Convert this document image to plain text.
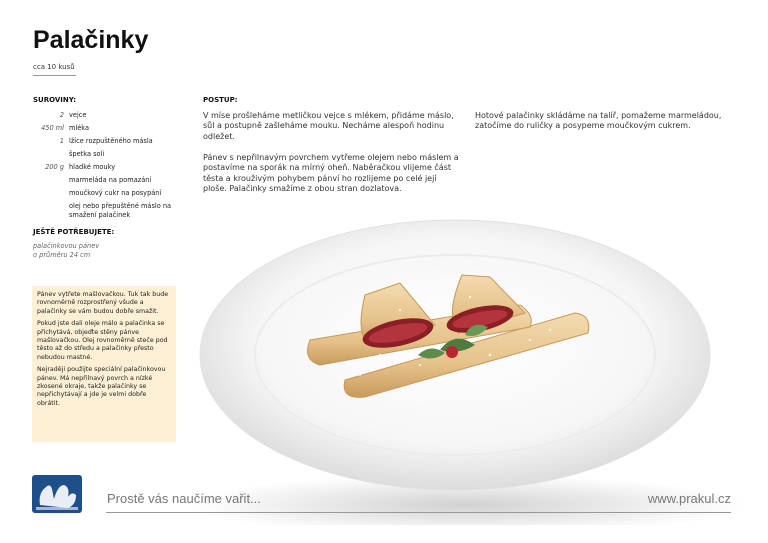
Palačinky
cca 10 kusů
SUROVINY:
2 vejce
450 ml mléka
1 lžíce rozpuštěného másla
špetka soli
200 g hladké mouky
marmeláda na pomazání
moučkový cukr na posypání
olej nebo přepuštěné máslo na smažení palačinek
JEŠTĚ POTŘEBUJETE:
palačinkovou pánev
o průměru 24 cm

Pánev vytřete mašlovačkou. Tuk tak bude rovnoměrně rozprostřený všude a palačinky se vám budou dobře smažit.

Pokud jste dali oleje málo a palačinka se přichytává, objeďte stěny pánve mašlovačkou. Olej rovnoměrně steče pod těsto až do středu a palačinky přesto nebudou mastné.

Nejraději použijte speciální palačinkovou pánev. Má nepřilnavý povrch a nízké zkosené okraje, takže palačinky se nepřichytávají a jde je velmi dobře obrátit.

POSTUP:

V míse prošleháme metličkou vejce s mlékem, přidáme máslo, sůl a postupně zašleháme mouku. Necháme alespoň hodinu odležet.

Pánev s nepřilnavým povrchem vytřeme olejem nebo máslem a postavíme na sporák na mírný oheň. Naběračkou vlijeme část těsta a krouživým pohybem pánví ho rozlijeme po celé její ploše. Palačinky smažíme z obou stran dozlatova.

Hotové palačinky skládáme na talíř, pomažeme marmeládou, zatočíme do ruličky a posypeme moučkovým cukrem.

Prostě vás naučíme vařit...	www.prakul.cz
